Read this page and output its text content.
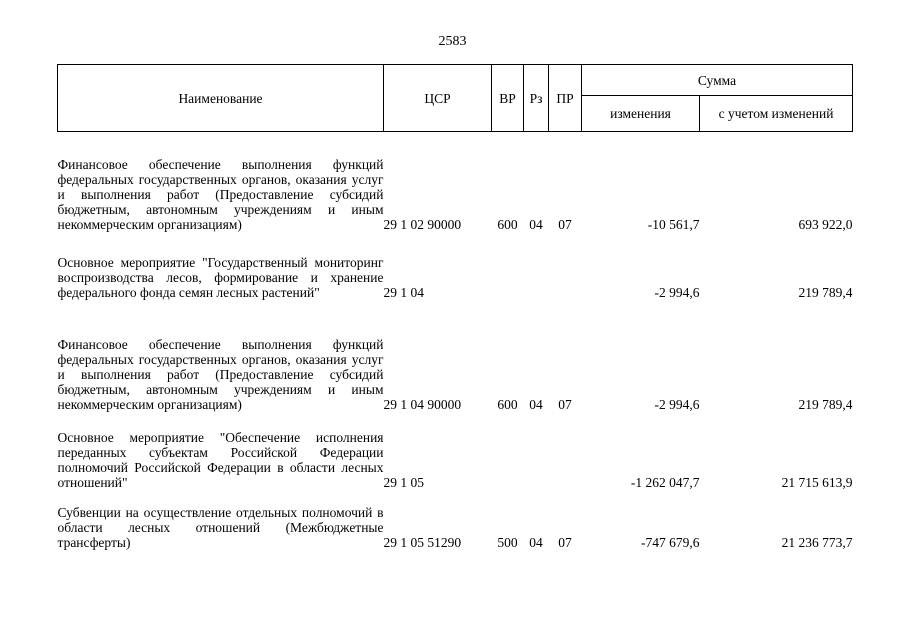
2583
Наименование	ЦСР	ВР	Рз	ПР	Сумма	
					изменения	с учетом изменений

Финансовое обеспечение выполнения функций федеральных государственных органов, оказания услуг и выполнения работ (Предоставление субсидий бюджетным, автономным учреждениям и иным некоммерческим организациям)	29 1 02 90000	600	04	07	-10 561,7	693 922,0

Основное мероприятие "Государственный мониторинг воспроизводства лесов, формирование и хранение федерального фонда семян лесных растений"	29 1 04				-2 994,6	219 789,4

Финансовое обеспечение выполнения функций федеральных государственных органов, оказания услуг и выполнения работ (Предоставление субсидий бюджетным, автономным учреждениям и иным некоммерческим организациям)	29 1 04 90000	600	04	07	-2 994,6	219 789,4

Основное мероприятие "Обеспечение исполнения переданных субъектам Российской Федерации полномочий Российской Федерации в области лесных отношений"	29 1 05				-1 262 047,7	21 715 613,9

Субвенции на осуществление отдельных полномочий в области лесных отношений (Межбюджетные трансферты)	29 1 05 51290	500	04	07	-747 679,6	21 236 773,7
